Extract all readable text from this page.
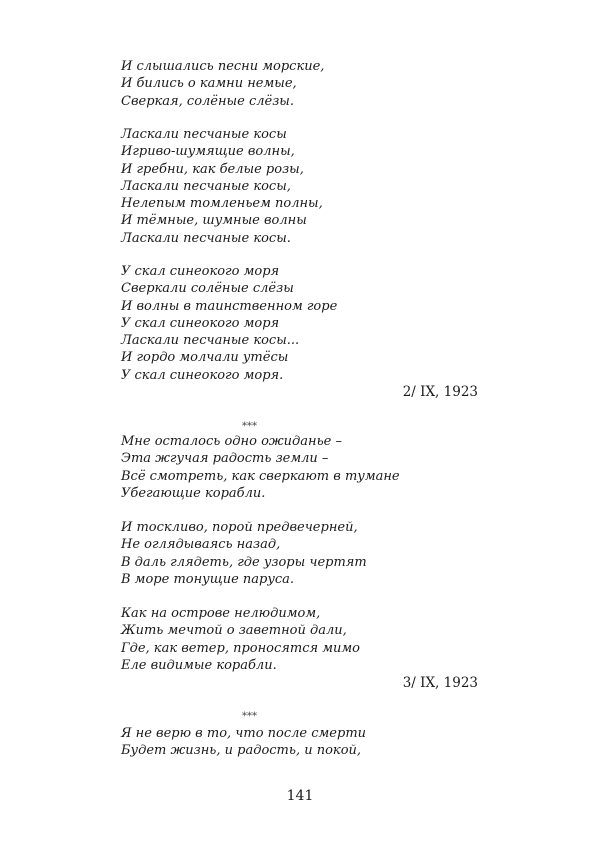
И слышались песни морские,
И бились о камни немые,
Сверкая, солёные слёзы.
Ласкали песчаные косы
Игриво-шумящие волны,
И гребни, как белые розы,
Ласкали песчаные косы,
Нелепым томленьем полны,
И тёмные, шумные волны
Ласкали песчаные косы.
У скал синеокого моря
Сверкали солёные слёзы
И волны в таинственном горе
У скал синеокого моря
Ласкали песчаные косы...
И гордо молчали утёсы
У скал синеокого моря.
2/ IX, 1923
***
Мне осталось одно ожиданье –
Эта жгучая радость земли –
Всё смотреть, как сверкают в тумане
Убегающие корабли.
И тоскливо, порой предвечерней,
Не оглядываясь назад,
В даль глядеть, где узоры чертят
В море тонущие паруса.
Как на острове нелюдимом,
Жить мечтой о заветной дали,
Где, как ветер, проносятся мимо
Еле видимые корабли.
3/ IX, 1923
***
Я не верю в то, что после смерти
Будет жизнь, и радость, и покой,
141
